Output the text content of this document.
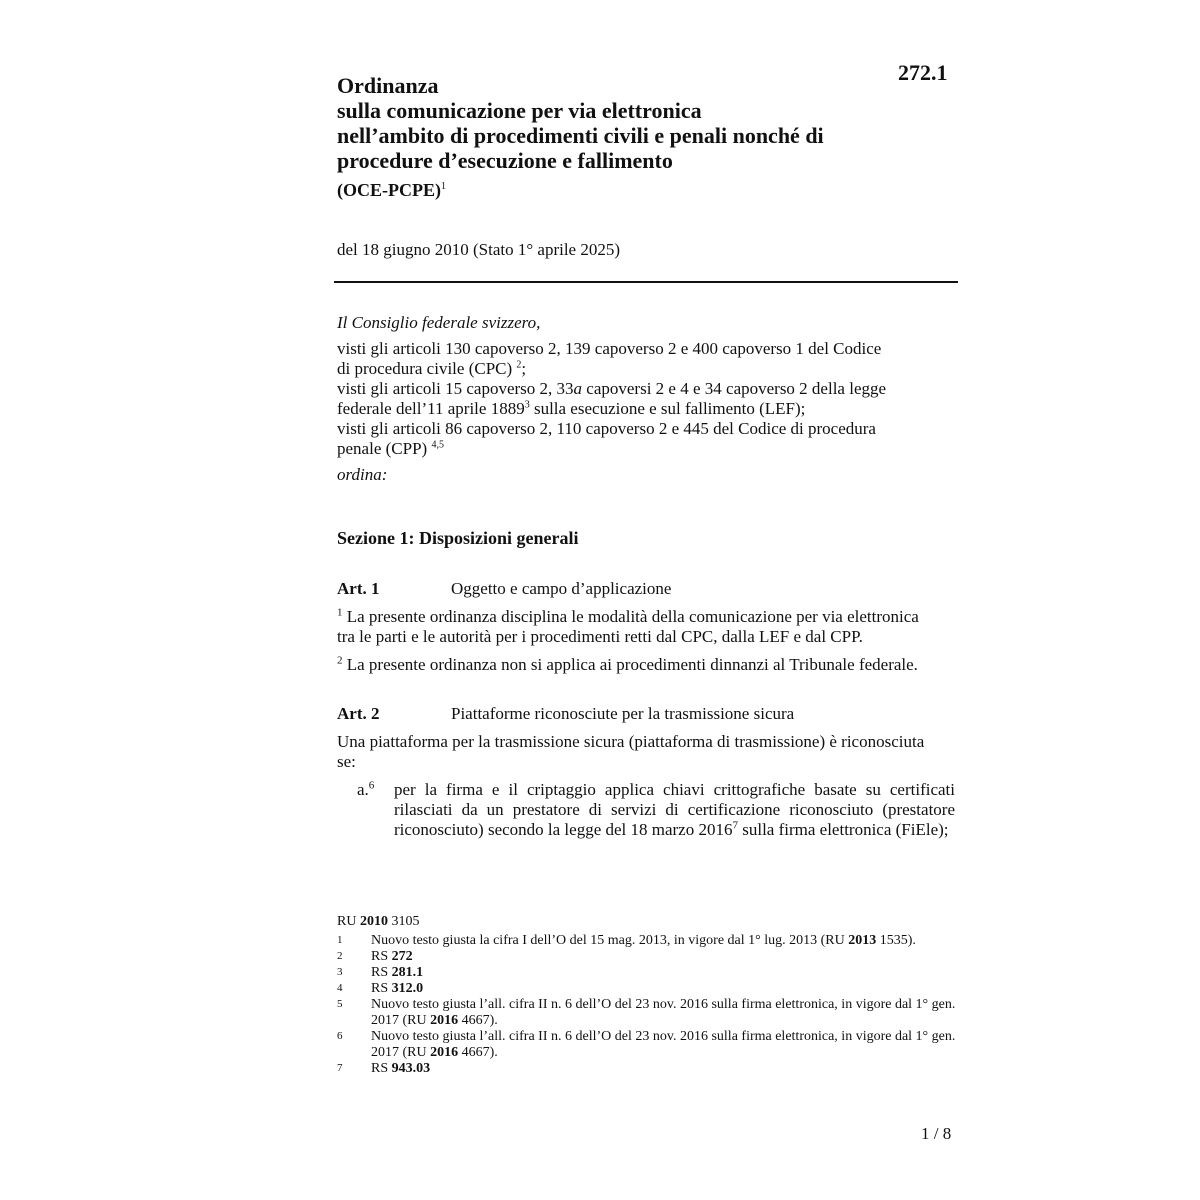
272.1
Ordinanza
sulla comunicazione per via elettronica
nell’ambito di procedimenti civili e penali nonché di
procedure d’esecuzione e fallimento
(OCE-PCPE)$^1$
del 18 giugno 2010 (Stato 1° aprile 2025)
Il Consiglio federale svizzero,
visti gli articoli 130 capoverso 2, 139 capoverso 2 e 400 capoverso 1 del Codice
di procedura civile (CPC) $^2$;
visti gli articoli 15 capoverso 2, 33a capoversi 2 e 4 e 34 capoverso 2 della legge
federale dell’11 aprile 1889$^3$ sulla esecuzione e sul fallimento (LEF);
visti gli articoli 86 capoverso 2, 110 capoverso 2 e 445 del Codice di procedura
penale (CPP) $^{4,5}$
ordina:
Sezione 1: Disposizioni generali
Art. 1	Oggetto e campo d’applicazione
$^1$ La presente ordinanza disciplina le modalità della comunicazione per via elettronica
tra le parti e le autorità per i procedimenti retti dal CPC, dalla LEF e dal CPP.
$^2$ La presente ordinanza non si applica ai procedimenti dinnanzi al Tribunale federale.
Art. 2	Piattaforme riconosciute per la trasmissione sicura
Una piattaforma per la trasmissione sicura (piattaforma di trasmissione) è riconosciuta
se:
a.$^6$	per la firma e il criptaggio applica chiavi crittografiche basate su certificati rilasciati da un prestatore di servizi di certificazione riconosciuto (prestatore riconosciuto) secondo la legge del 18 marzo 2016$^7$ sulla firma elettronica (FiEle);
RU 2010 3105
1	Nuovo testo giusta la cifra I dell’O del 15 mag. 2013, in vigore dal 1° lug. 2013 (RU 2013 1535).
2	RS 272
3	RS 281.1
4	RS 312.0
5	Nuovo testo giusta l’all. cifra II n. 6 dell’O del 23 nov. 2016 sulla firma elettronica, in vigore dal 1° gen. 2017 (RU 2016 4667).
6	Nuovo testo giusta l’all. cifra II n. 6 dell’O del 23 nov. 2016 sulla firma elettronica, in vigore dal 1° gen. 2017 (RU 2016 4667).
7	RS 943.03
1 / 8
